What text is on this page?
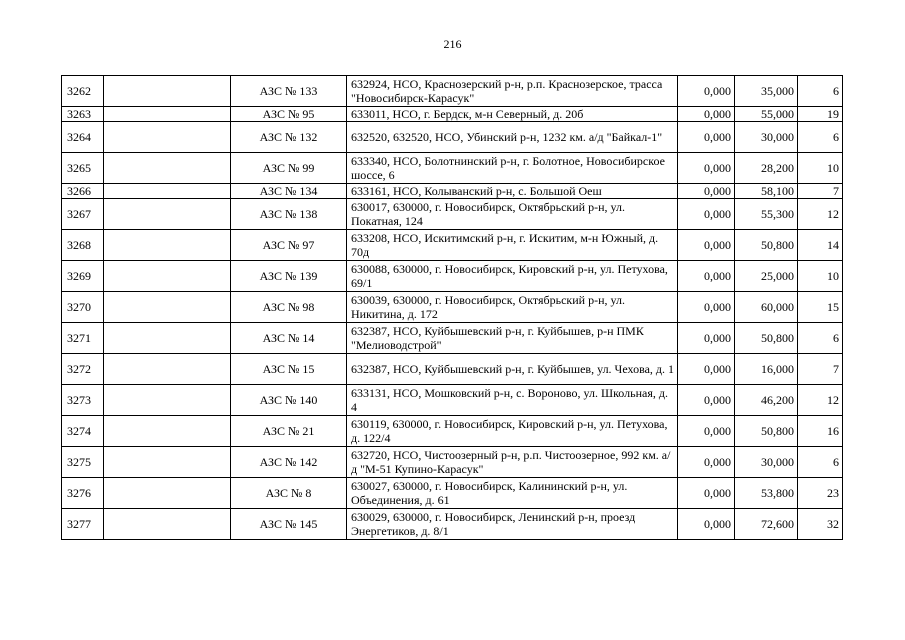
216
3262		АЗС № 133	632924, НСО, Краснозерский р-н, р.п. Краснозерское, трасса "Новосибирск-Карасук"	0,000	35,000	6
3263		АЗС № 95	633011, НСО, г. Бердск, м-н Северный, д. 20б	0,000	55,000	19
3264		АЗС № 132	632520, 632520, НСО, Убинский р-н, 1232 км. а/д "Байкал-1"	0,000	30,000	6
3265		АЗС № 99	633340, НСО, Болотнинский р-н, г. Болотное, Новосибирское шоссе, 6	0,000	28,200	10
3266		АЗС № 134	633161, НСО, Колыванский р-н, с. Большой Оеш	0,000	58,100	7
3267		АЗС № 138	630017, 630000, г. Новосибирск, Октябрьский р-н, ул. Покатная, 124	0,000	55,300	12
3268		АЗС № 97	633208, НСО, Искитимский р-н, г. Искитим, м-н Южный, д. 70д	0,000	50,800	14
3269		АЗС № 139	630088, 630000, г. Новосибирск, Кировский р-н, ул. Петухова, 69/1	0,000	25,000	10
3270		АЗС № 98	630039, 630000, г. Новосибирск, Октябрьский р-н, ул. Никитина, д. 172	0,000	60,000	15
3271		АЗС № 14	632387, НСО, Куйбышевский р-н, г. Куйбышев, р-н ПМК "Мелиоводстрой"	0,000	50,800	6
3272		АЗС № 15	632387, НСО, Куйбышевский р-н, г. Куйбышев, ул. Чехова, д. 1	0,000	16,000	7
3273		АЗС № 140	633131, НСО, Мошковский р-н, с. Вороново, ул. Школьная, д. 4	0,000	46,200	12
3274		АЗС № 21	630119, 630000, г. Новосибирск, Кировский р-н, ул. Петухова, д. 122/4	0,000	50,800	16
3275		АЗС № 142	632720, НСО, Чистоозерный р-н, р.п. Чистоозерное, 992 км. а/д "М-51 Купино-Карасук"	0,000	30,000	6
3276		АЗС № 8	630027, 630000, г. Новосибирск, Калининский р-н, ул. Объединения, д. 61	0,000	53,800	23
3277		АЗС № 145	630029, 630000, г. Новосибирск, Ленинский р-н, проезд Энергетиков, д. 8/1	0,000	72,600	32
